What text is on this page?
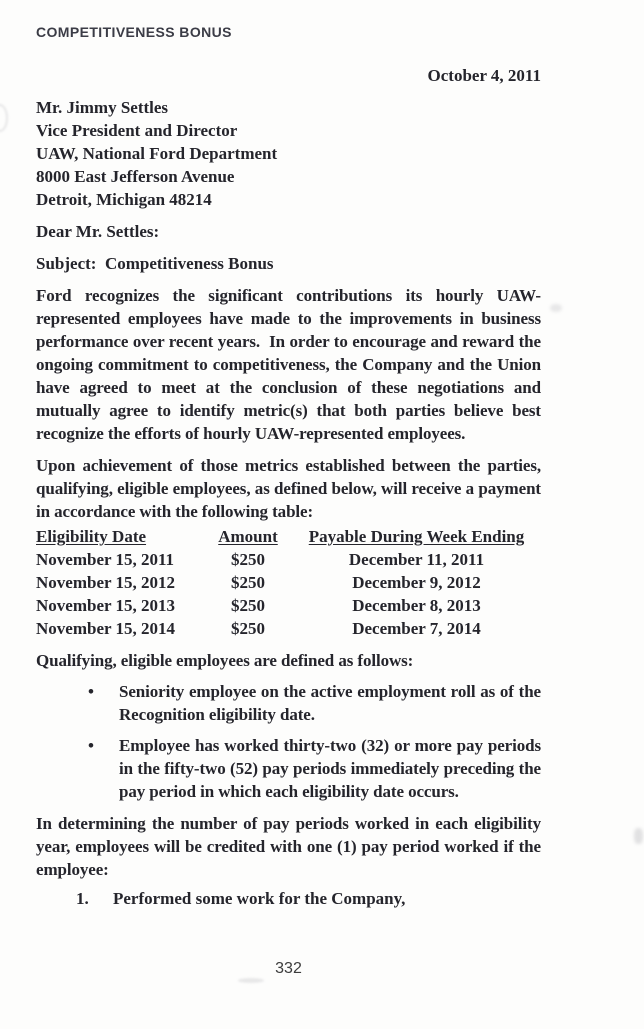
COMPETITIVENESS BONUS
October 4, 2011
Mr. Jimmy Settles
Vice President and Director
UAW, National Ford Department
8000 East Jefferson Avenue
Detroit, Michigan 48214
Dear Mr. Settles:
Subject:  Competitiveness Bonus

Ford recognizes the significant contributions its hourly UAW-represented employees have made to the improvements in business performance over recent years.  In order to encourage and reward the ongoing commitment to competitiveness, the Company and the Union have agreed to meet at the conclusion of these negotiations and mutually agree to identify metric(s) that both parties believe best recognize the efforts of hourly UAW-represented employees.

Upon achievement of those metrics established between the parties, qualifying, eligible employees, as defined below, will receive a payment in accordance with the following table:

Eligibility Date	Amount	Payable During Week Ending
November 15, 2011	$250	December 11, 2011
November 15, 2012	$250	December 9, 2012
November 15, 2013	$250	December 8, 2013
November 15, 2014	$250	December 7, 2014

Qualifying, eligible employees are defined as follows:

•	Seniority employee on the active employment roll as of the Recognition eligibility date.
•	Employee has worked thirty-two (32) or more pay periods in the fifty-two (52) pay periods immediately preceding the pay period in which each eligibility date occurs.

In determining the number of pay periods worked in each eligibility year, employees will be credited with one (1) pay period worked if the employee:

1.	Performed some work for the Company,
332
